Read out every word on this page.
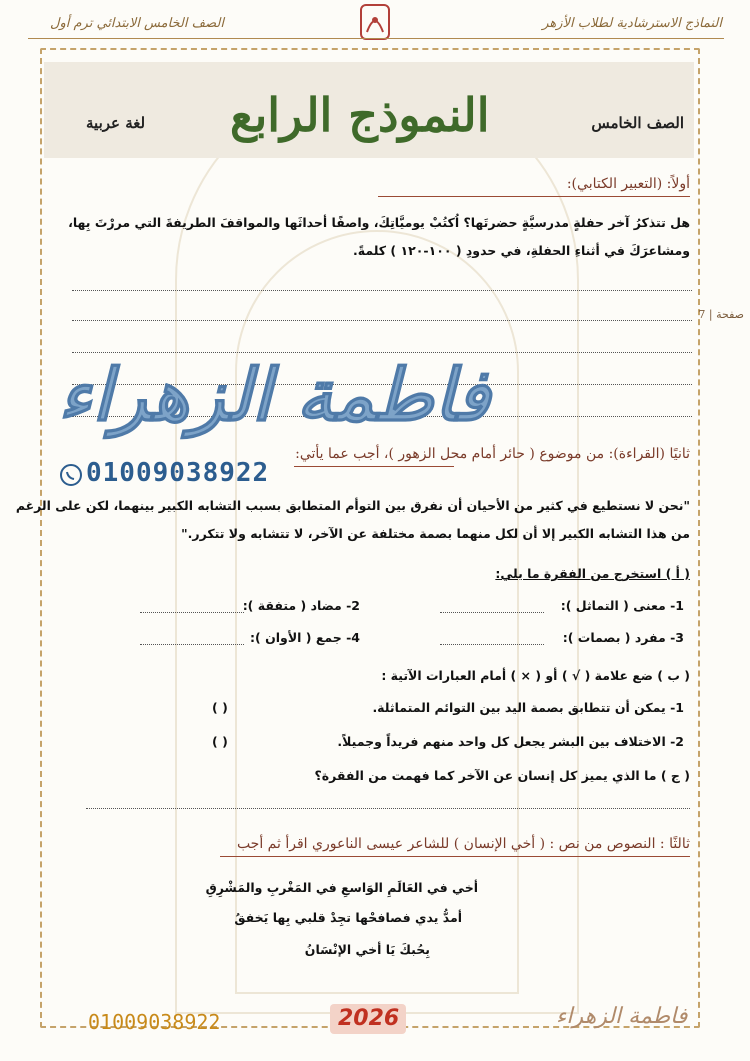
النماذج الاسترشادية لطلاب الأزهر
الصف الخامس الابتدائي ترم أول
الصف الخامس
النموذج الرابع
لغة عربية
صفحة | 7
أولاً: (التعبير الكتابي):
هل تتذكرُ آخر حفلةٍ مدرسيَّةٍ حضرتَها؟ اُكتُبْ يوميَّاتِكَ، واصفًا أحداثَها والمواقفَ الطريفةَ التي مررْتَ بِها،
ومشاعرَكَ في أثناءِ الحفلةِ، في حدودِ ( ١٠٠-١٢٠ ) كلمةً.
فاطمة الزهراء
01009038922
ثانيًا (القراءة): من موضوع ( حائر أمام محل الزهور )، أجب عما يأتي:
"نحن لا نستطيع في كثير من الأحيان أن نفرق بين التوأم المتطابق بسبب التشابه الكبير بينهما، لكن على الرغم
من هذا التشابه الكبير إلا أن لكل منهما بصمة مختلفة عن الآخر، لا تتشابه ولا تتكرر."
( أ ) استخرج من الفقرة ما يلي:
1- معنى ( التماثل ):
2- مضاد ( متفقة ):
3- مفرد ( بصمات ):
4- جمع ( الأوان ):
( ب ) ضع علامة ( √ ) أو ( × ) أمام العبارات الآتية :
1- يمكن أن تتطابق بصمة اليد بين التوائم المتماثلة.
( )
2- الاختلاف بين البشر يجعل كل واحد منهم فريداً وجميلاً.
( )
( ج ) ما الذي يميز كل إنسان عن الآخر كما فهمت من الفقرة؟
ثالثًا : النصوص من نص : ( أخي الإنسان ) للشاعر عيسى الناعوري اقرأ ثم أجب
أخي في العَالَمِ الوَاسعِ في المَغْربِ والمَشْرِقِ
أمدُّ يدي فصافحْها تجِدْ قلبي بِها يَخفقُ
بِحُبكَ يَا أخي الإنْسَانُ
01009038922	2026	فاطمة الزهراء
